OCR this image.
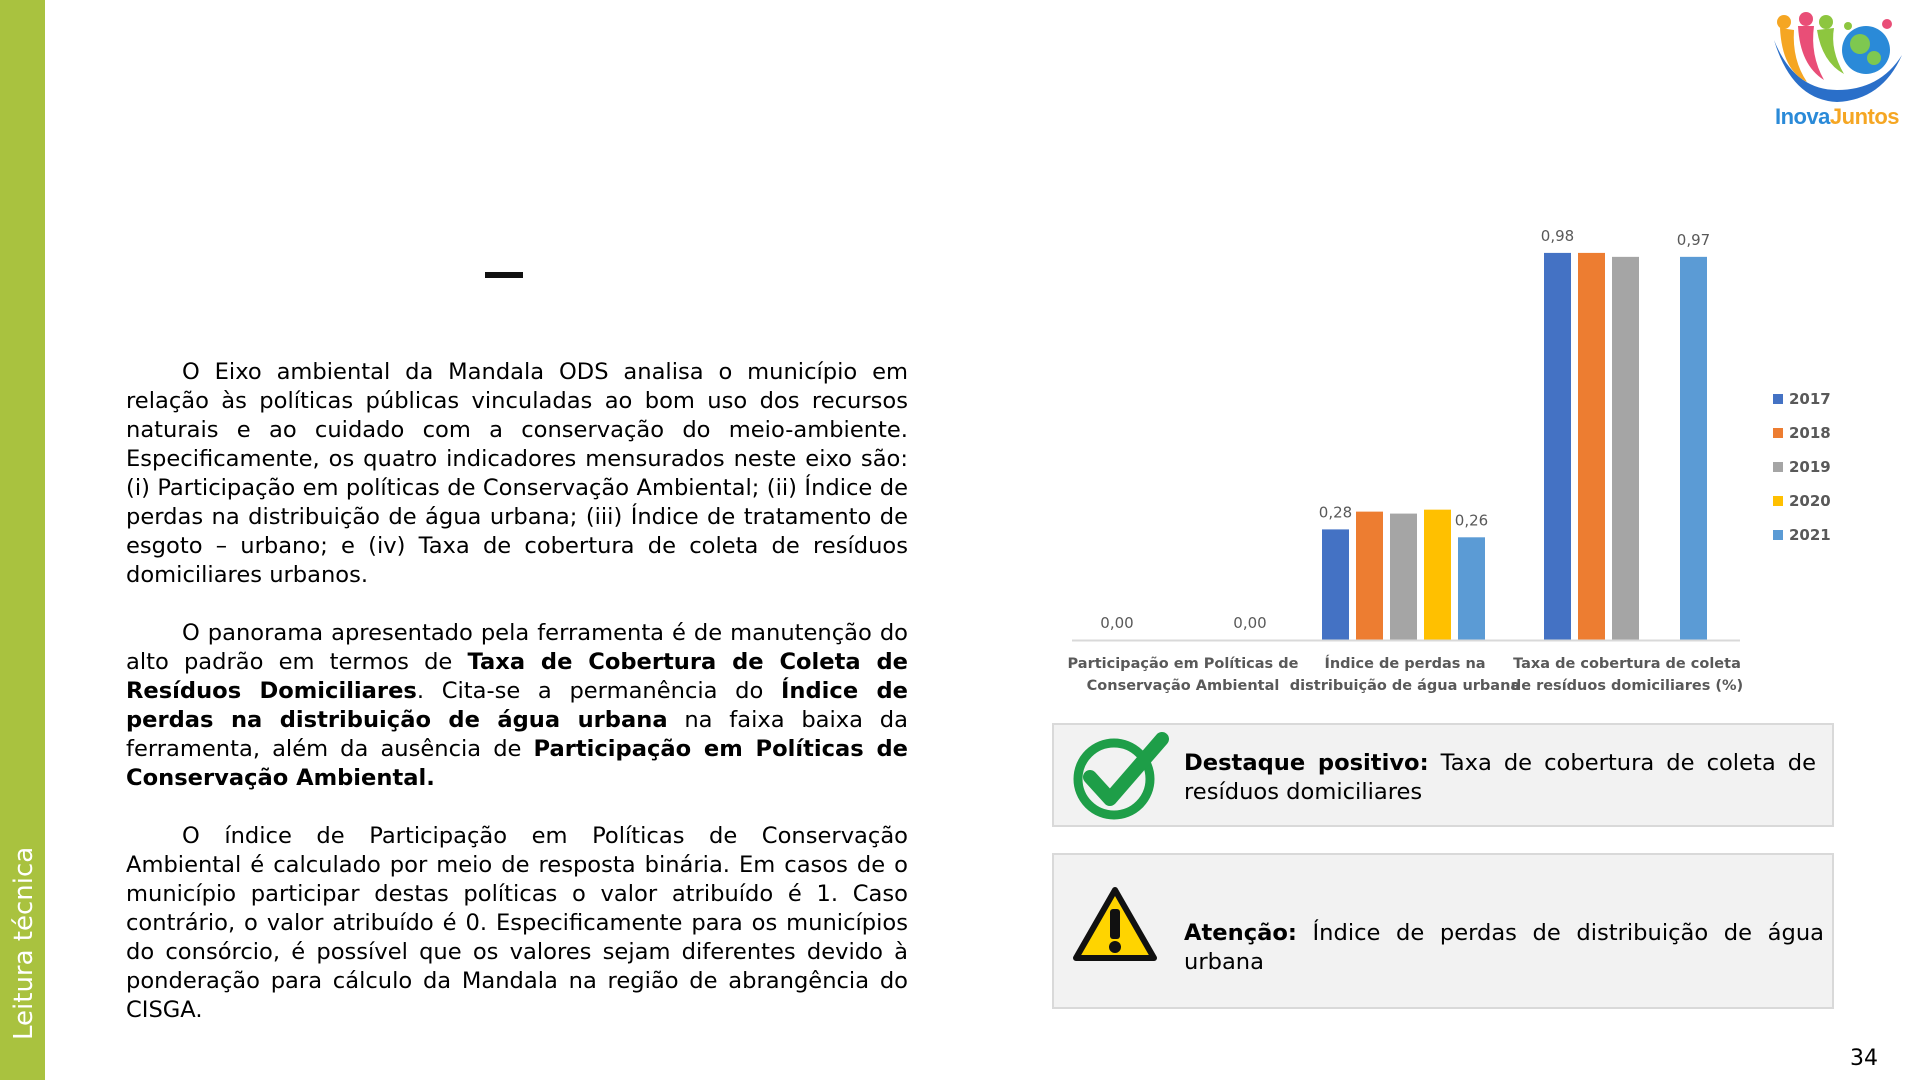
Leitura técnica
InovaJuntos

O Eixo ambiental da Mandala ODS analisa o município em relação às políticas públicas vinculadas ao bom uso dos recursos naturais e ao cuidado com a conservação do meio-ambiente. Especificamente, os quatro indicadores mensurados neste eixo são: (i) Participação em políticas de Conservação Ambiental; (ii) Índice de perdas na distribuição de água urbana; (iii) Índice de tratamento de esgoto – urbano; e (iv) Taxa de cobertura de coleta de resíduos domiciliares urbanos.

O panorama apresentado pela ferramenta é de manutenção do alto padrão em termos de Taxa de Cobertura de Coleta de Resíduos Domiciliares. Cita-se a permanência do Índice de perdas na distribuição de água urbana na faixa baixa da ferramenta, além da ausência de Participação em Políticas de Conservação Ambiental.

O índice de Participação em Políticas de Conservação Ambiental é calculado por meio de resposta binária. Em casos de o município participar destas políticas o valor atribuído é 1. Caso contrário, o valor atribuído é 0. Especificamente para os municípios do consórcio, é possível que os valores sejam diferentes devido à ponderação para cálculo da Mandala na região de abrangência do CISGA.

0,00	0,00
0,28	0,26
0,98	0,97
Participação em Políticas de
Conservação Ambiental
Índice de perdas na
distribuição de água urbana
Taxa de cobertura de coleta
de resíduos domiciliares (%)
2017
2018
2019
2020
2021
Destaque positivo: Taxa de cobertura de coleta de resíduos domiciliares
Atenção: Índice de perdas de distribuição de água urbana
34
